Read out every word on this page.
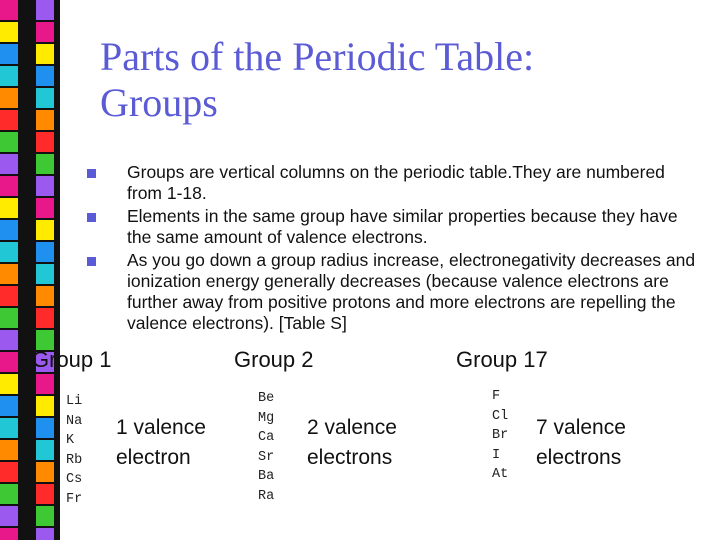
Parts of the Periodic Table: Groups
Groups are vertical columns on the periodic table.They are numbered from 1-18.
Elements in the same group have similar properties because they have the same amount of valence electrons.
As you go down a group radius increase, electronegativity decreases and ionization energy generally decreases (because valence electrons are further away from positive protons and more electrons are repelling the valence electrons). [Table S]
Group 1
Li
Na
K
Rb
Cs
Fr
1 valence
electron
Group 2
Be
Mg
Ca
Sr
Ba
Ra
2 valence
electrons
Group 17
F
Cl
Br
I
At
7 valence
electrons
